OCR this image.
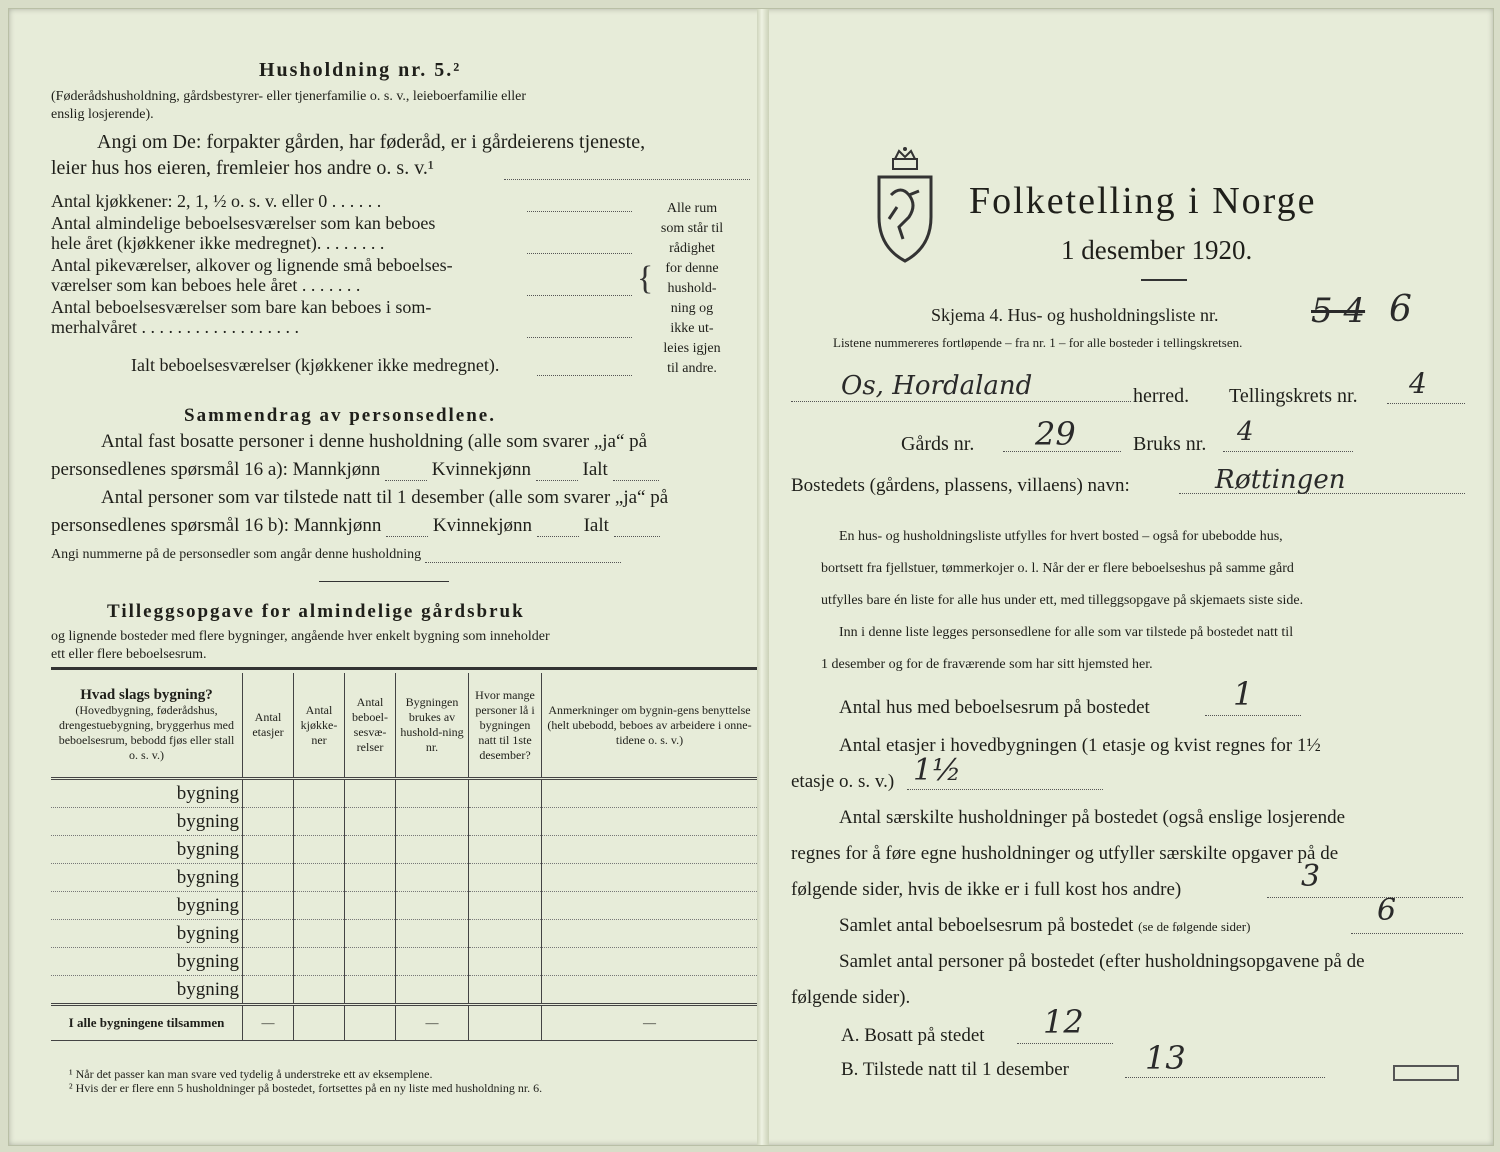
Husholdning nr. 5.²
(Føderådshusholdning, gårdsbestyrer- eller tjenerfamilie o. s. v., leieboerfamilie eller
enslig losjerende).
Angi om De: forpakter gården, har føderåd, er i gårdeierens tjeneste,
leier hus hos eieren, fremleier hos andre o. s. v.¹
Antal kjøkkener: 2, 1, ½ o. s. v. eller 0 . . . . . .
Antal almindelige beboelsesværelser som kan beboes
hele året (kjøkkener ikke medregnet). . . . . . . .
Antal pikeværelser, alkover og lignende små beboelses-
værelser som kan beboes hele året . . . . . . .
Antal beboelsesværelser som bare kan beboes i som-
merhalvåret . . . . . . . . . . . . . . . . . .
Ialt beboelsesværelser (kjøkkener ikke medregnet).
{
Alle rum
som står til
rådighet
for denne
hushold-
ning og
ikke ut-
leies igjen
til andre.
Sammendrag av personsedlene.
Antal fast bosatte personer i denne husholdning (alle som svarer „ja“ på
personsedlenes spørsmål 16 a): Mannkjønn	Kvinnekjønn	Ialt
Antal personer som var tilstede natt til 1 desember (alle som svarer „ja“ på
personsedlenes spørsmål 16 b): Mannkjønn	Kvinnekjønn	Ialt
Angi nummerne på de personsedler som angår denne husholdning
Tilleggsopgave for almindelige gårdsbruk
og lignende bosteder med flere bygninger, angående hver enkelt bygning som inneholder
ett eller flere beboelsesrum.
Hvad slags bygning?
(Hovedbygning, føderådshus, drengestuebygning, bryggerhus med beboelsesrum, bebodd fjøs eller stall o. s. v.)	Antal etasjer	Antal kjøkke-ner	Antal beboel-sesvæ-relser	Bygningen brukes av hushold-ning nr.	Hvor mange personer lå i bygningen natt til 1ste desember?	Anmerkninger om bygnin-gens benyttelse (helt ubebodd, beboes av arbeidere i onne-tidene o. s. v.)
bygning						
bygning						
bygning						
bygning						
bygning						
bygning						
bygning						
bygning						
I alle bygningene tilsammen	—			—		—
¹ Når det passer kan man svare ved tydelig å understreke ett av eksemplene.
² Hvis der er flere enn 5 husholdninger på bostedet, fortsettes på en ny liste med husholdning nr. 6.
Folketelling i Norge
1 desember 1920.
Skjema 4. Hus- og husholdningsliste nr.	5 4 6
Listene nummereres fortløpende – fra nr. 1 – for alle bosteder i tellingskretsen.
Os, Hordaland	herred. Tellingskrets nr. 4
Gårds nr. 29	Bruks nr. 4
Bostedets (gårdens, plassens, villaens) navn:	Røttingen
En hus- og husholdningsliste utfylles for hvert bosted – også for ubebodde hus,
bortsett fra fjellstuer, tømmerkojer o. l. Når der er flere beboelseshus på samme gård
utfylles bare én liste for alle hus under ett, med tilleggsopgave på skjemaets siste side.
Inn i denne liste legges personsedlene for alle som var tilstede på bostedet natt til
1 desember og for de fraværende som har sitt hjemsted her.
Antal hus med beboelsesrum på bostedet	1
Antal etasjer i hovedbygningen (1 etasje og kvist regnes for 1½
etasje o. s. v.) 1½
Antal særskilte husholdninger på bostedet (også enslige losjerende
regnes for å føre egne husholdninger og utfyller særskilte opgaver på de
følgende sider, hvis de ikke er i full kost hos andre)	3
Samlet antal beboelsesrum på bostedet (se de følgende sider)	6
Samlet antal personer på bostedet (efter husholdningsopgavene på de
følgende sider).
A. Bosatt på stedet 12
B. Tilstede natt til 1 desember 13
